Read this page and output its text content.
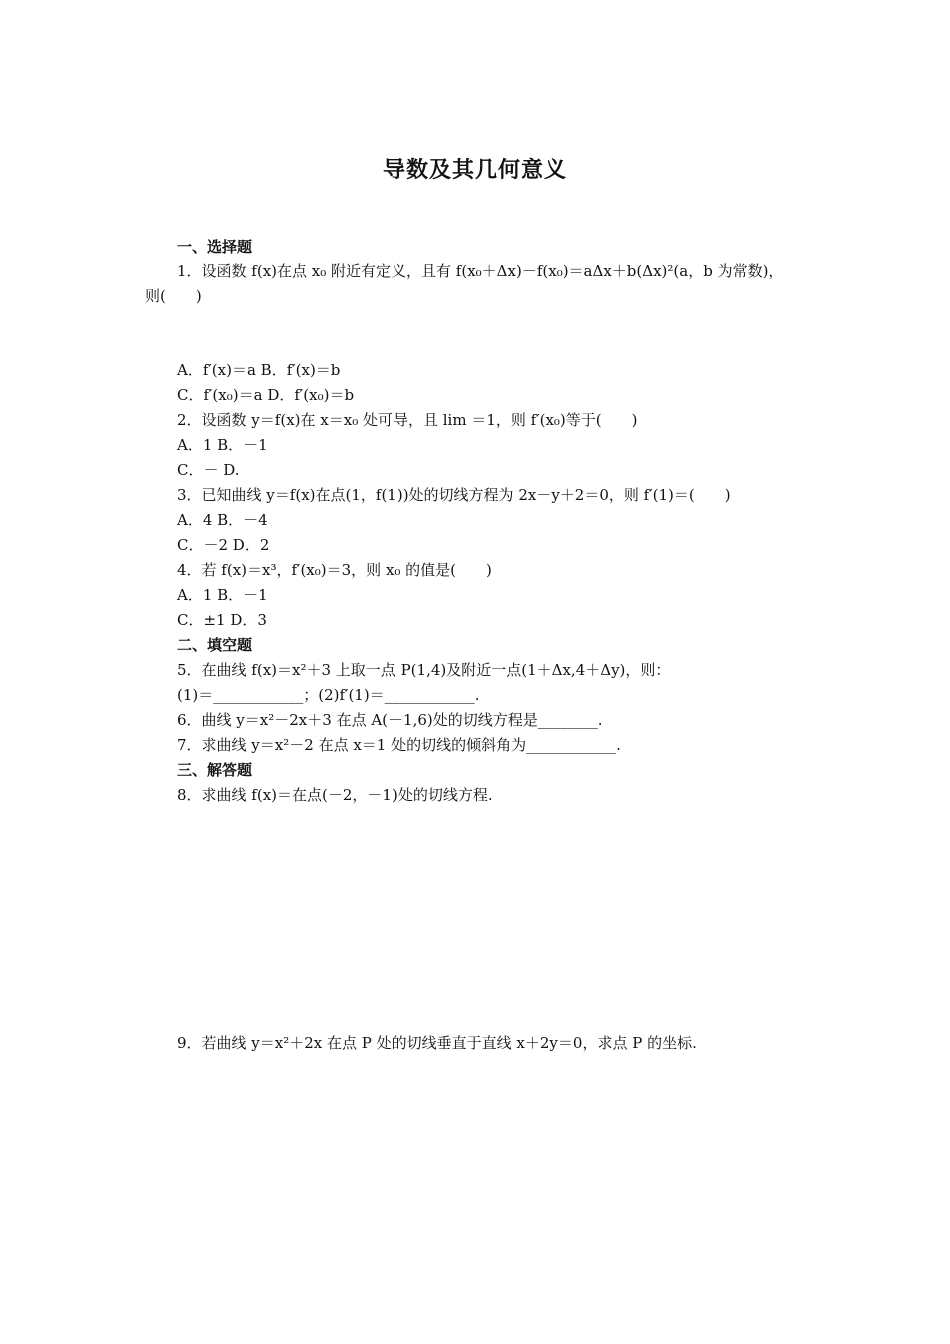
导数及其几何意义
一、选择题
1．设函数 f(x)在点 x₀ 附近有定义，且有 f(x₀＋Δx)－f(x₀)＝aΔx＋b(Δx)²(a，b 为常数)，
则(　　)
A．f′(x)＝a B．f′(x)＝b
C．f′(x₀)＝a D．f′(x₀)＝b
2．设函数 y＝f(x)在 x＝x₀ 处可导，且 lim ＝1，则 f′(x₀)等于(　　)
A．1 B．－1
C．－ D.
3．已知曲线 y＝f(x)在点(1，f(1))处的切线方程为 2x－y＋2＝0，则 f′(1)＝(　　)
A．4 B．－4
C．－2 D．2
4．若 f(x)＝x³，f′(x₀)＝3，则 x₀ 的值是(　　)
A．1 B．－1
C．±1 D．3
二、填空题
5．在曲线 f(x)＝x²＋3 上取一点 P(1,4)及附近一点(1＋Δx,4＋Δy)，则：
(1)＝____________；(2)f′(1)＝____________.
6．曲线 y＝x²－2x＋3 在点 A(－1,6)处的切线方程是________.
7．求曲线 y＝x²－2 在点 x＝1 处的切线的倾斜角为____________.
三、解答题
8．求曲线 f(x)＝在点(－2，－1)处的切线方程.
9．若曲线 y＝x²＋2x 在点 P 处的切线垂直于直线 x＋2y＝0，求点 P 的坐标.
